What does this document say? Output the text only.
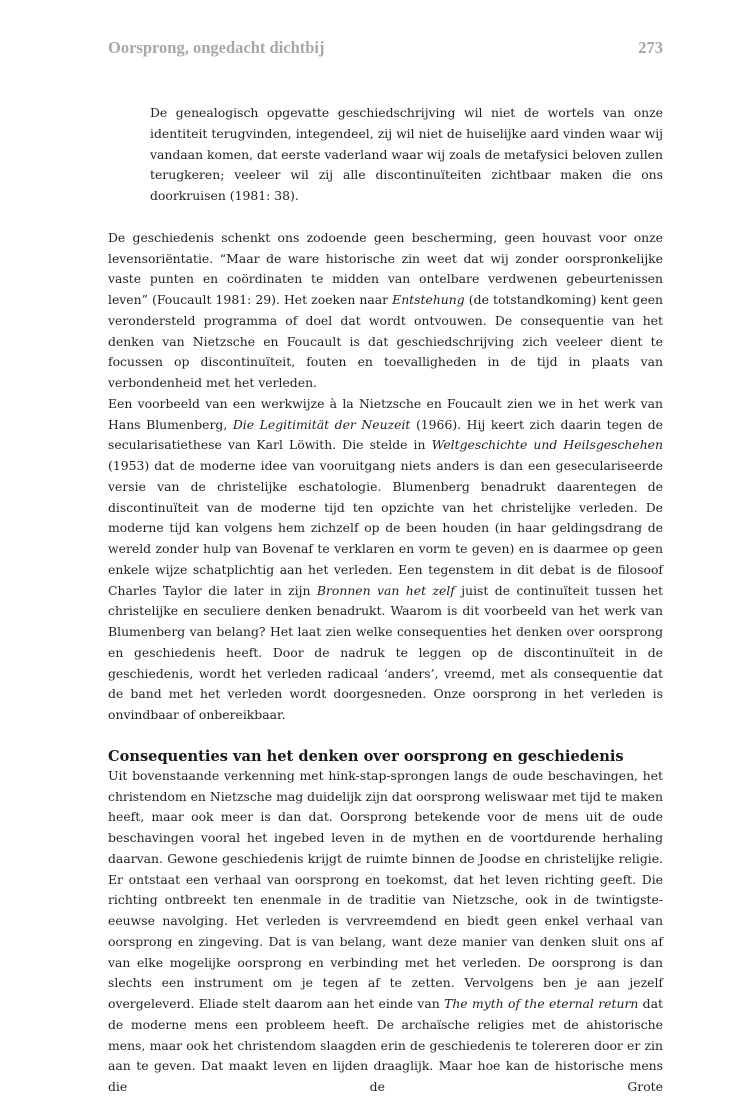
Oorsprong, ongedacht dichtbij	273

De genealogisch opgevatte geschiedschrijving wil niet de wortels van onze identiteit terugvinden, integendeel, zij wil niet de huiselijke aard vinden waar wij vandaan komen, dat eerste vaderland waar wij zoals de metafysici beloven zullen terugkeren; veeleer wil zij alle discontinuïteiten zichtbaar maken die ons doorkruisen (1981: 38).

De geschiedenis schenkt ons zodoende geen bescherming, geen houvast voor onze levensoriëntatie. “Maar de ware historische zin weet dat wij zonder oorspronkelijke vaste punten en coördinaten te midden van ontelbare verdwenen gebeurtenissen leven” (Foucault 1981: 29). Het zoeken naar Entstehung (de totstandkoming) kent geen verondersteld programma of doel dat wordt ontvouwen. De consequentie van het denken van Nietzsche en Foucault is dat geschiedschrijving zich veeleer dient te focussen op discontinuïteit, fouten en toevalligheden in de tijd in plaats van verbondenheid met het verleden.

Een voorbeeld van een werkwijze à la Nietzsche en Foucault zien we in het werk van Hans Blumenberg, Die Legitimität der Neuzeit (1966). Hij keert zich daarin tegen de secularisatiethese van Karl Löwith. Die stelde in Weltgeschichte und Heilsgeschehen (1953) dat de moderne idee van vooruitgang niets anders is dan een geseculariseerde versie van de christelijke eschatologie. Blumenberg benadrukt daarentegen de discontinuïteit van de moderne tijd ten opzichte van het christelijke verleden. De moderne tijd kan volgens hem zichzelf op de been houden (in haar geldingsdrang de wereld zonder hulp van Bovenaf te verklaren en vorm te geven) en is daarmee op geen enkele wijze schatplichtig aan het verleden. Een tegenstem in dit debat is de filosoof Charles Taylor die later in zijn Bronnen van het zelf juist de continuïteit tussen het christelijke en seculiere denken benadrukt. Waarom is dit voorbeeld van het werk van Blumenberg van belang? Het laat zien welke consequenties het denken over oorsprong en geschiedenis heeft. Door de nadruk te leggen op de discontinuïteit in de geschiedenis, wordt het verleden radicaal ‘anders’, vreemd, met als consequentie dat de band met het verleden wordt doorgesneden. Onze oorsprong in het verleden is onvindbaar of onbereikbaar.

Consequenties van het denken over oorsprong en geschiedenis

Uit bovenstaande verkenning met hink-stap-sprongen langs de oude beschavingen, het christendom en Nietzsche mag duidelijk zijn dat oorsprong weliswaar met tijd te maken heeft, maar ook meer is dan dat. Oorsprong betekende voor de mens uit de oude beschavingen vooral het ingebed leven in de mythen en de voortdurende herhaling daarvan. Gewone geschiedenis krijgt de ruimte binnen de Joodse en christelijke religie. Er ontstaat een verhaal van oorsprong en toekomst, dat het leven richting geeft. Die richting ontbreekt ten enenmale in de traditie van Nietzsche, ook in de twintigste-eeuwse navolging. Het verleden is vervreemdend en biedt geen enkel verhaal van oorsprong en zingeving. Dat is van belang, want deze manier van denken sluit ons af van elke mogelijke oorsprong en verbinding met het verleden. De oorsprong is dan slechts een instrument om je tegen af te zetten. Vervolgens ben je aan jezelf overgeleverd. Eliade stelt daarom aan het einde van The myth of the eternal return dat de moderne mens een probleem heeft. De archaïsche religies met de ahistorische mens, maar ook het christendom slaagden erin de geschiedenis te tolereren door er zin aan te geven. Dat maakt leven en lijden draaglijk. Maar hoe kan de historische mens die de Grote
